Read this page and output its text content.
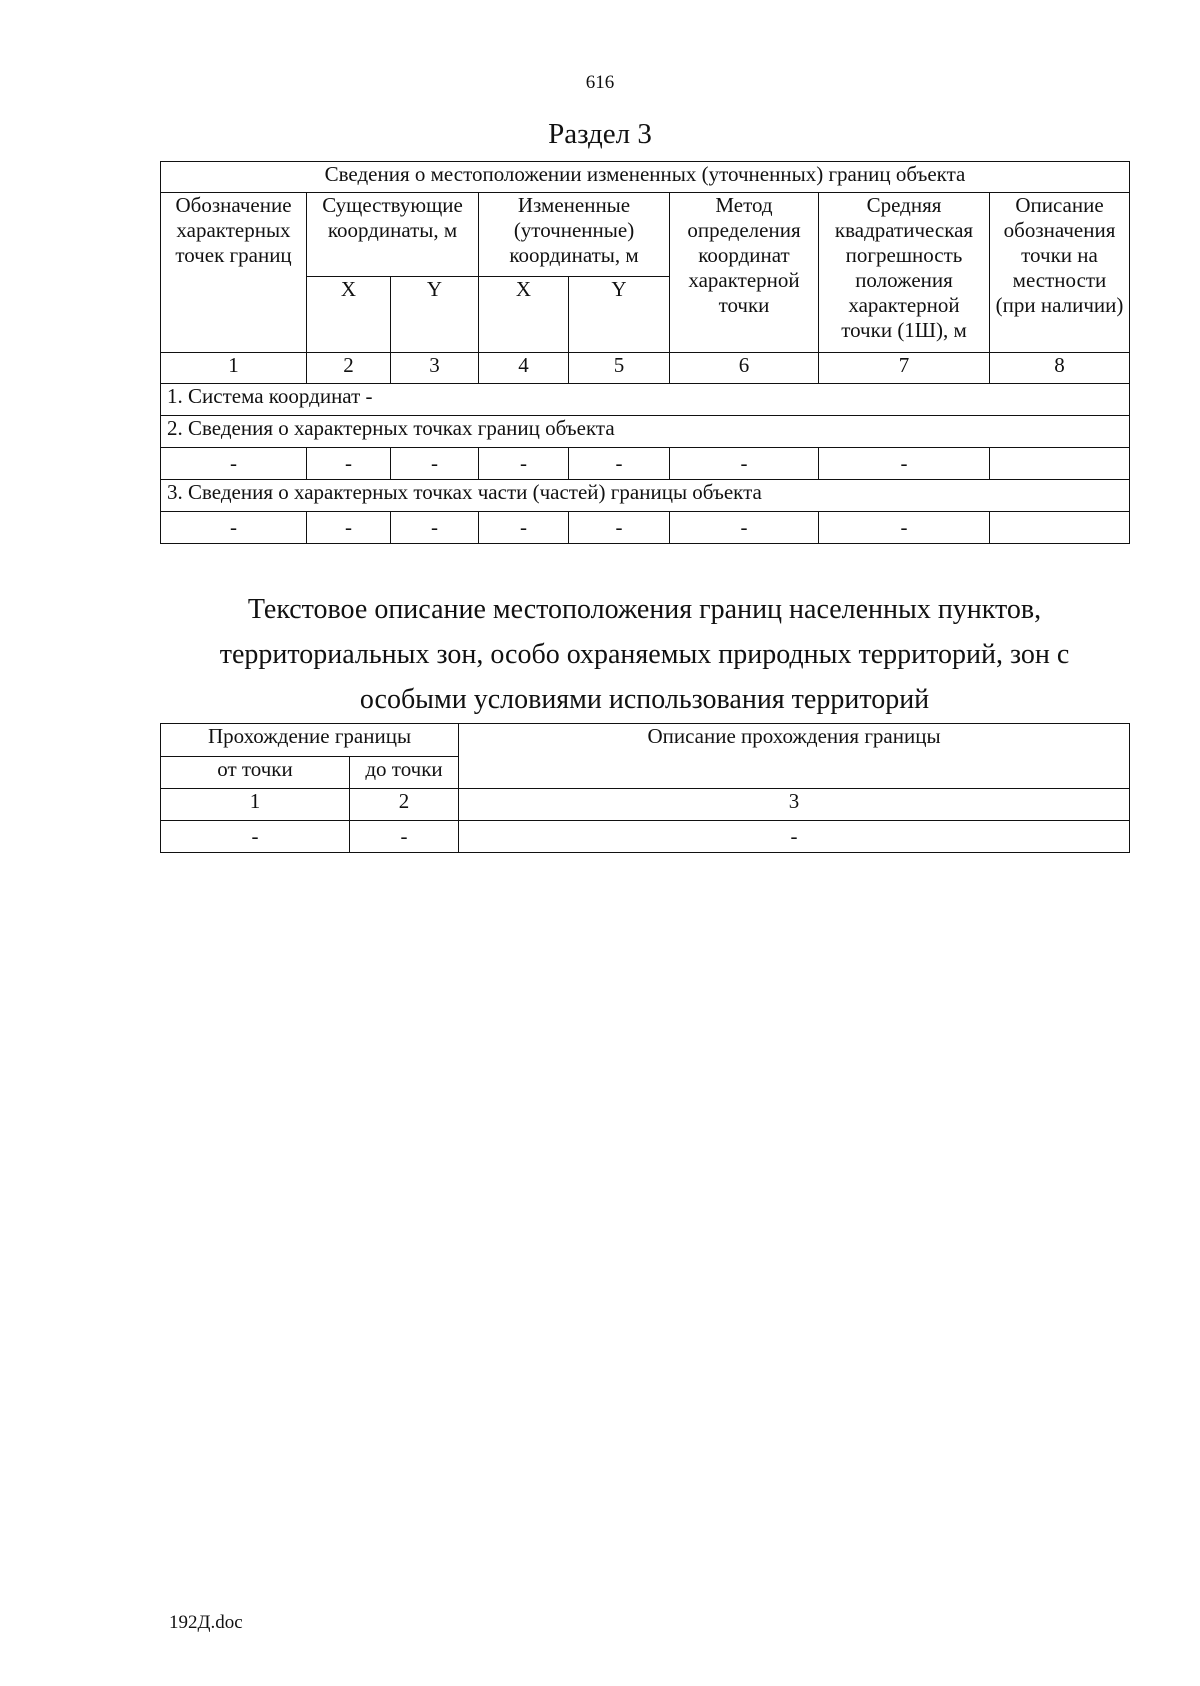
616
Раздел 3
Сведения о местоположении измененных (уточненных) границ объекта							
Обозначение характерных точек границ	Существующие координаты, м		Измененные (уточненные) координаты, м		Метод определения координат характерной точки	Средняя квадратическая погрешность положения характерной точки (1Ш), м	Описание обозначения точки на местности (при наличии)
	X	Y	X	Y			
1	2	3	4	5	6	7	8
1. Система координат -							
2. Сведения о характерных точках границ объекта							
-	-	-	-	-	-	-	
3. Сведения о характерных точках части (частей) границы объекта							
-	-	-	-	-	-	-	
Текстовое описание местоположения границ населенных пунктов,
территориальных зон, особо охраняемых природных территорий, зон с
особыми условиями использования территорий
Прохождение границы		Описание прохождения границы
от точки	до точки	
1	2	3
-	-	-
192Д.doc
